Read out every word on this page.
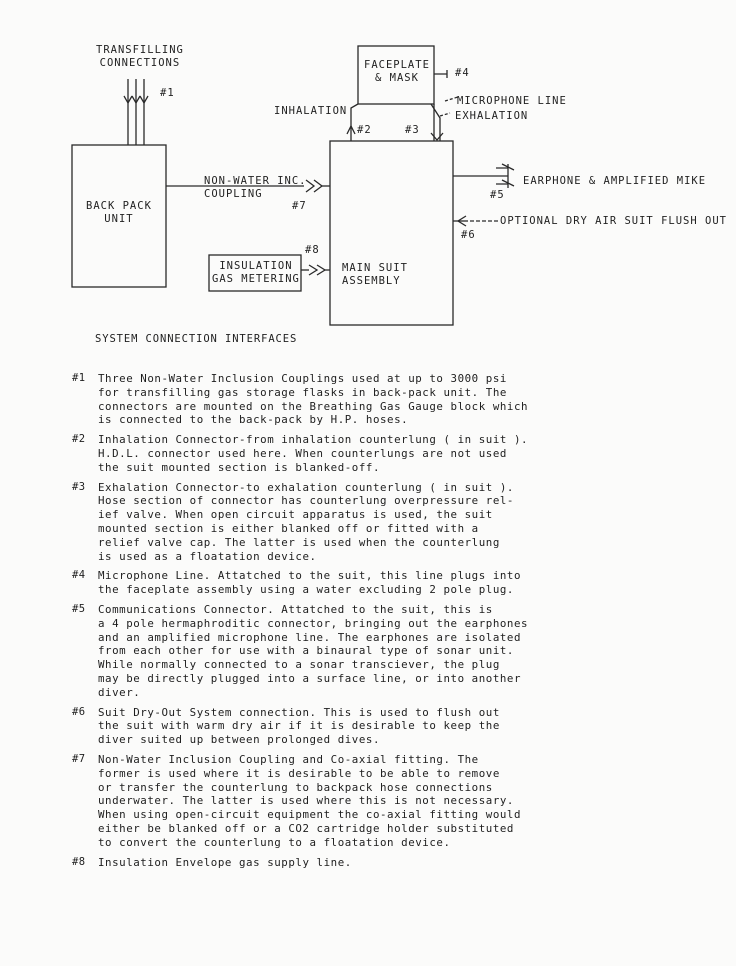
TRANSFILLING
CONNECTIONS
#1
FACEPLATE
& MASK	#4
INHALATION
MICROPHONE LINE
EXHALATION
#2	#3
BACK PACK
UNIT
NON-WATER INC.
COUPLING
#7
EARPHONE & AMPLIFIED MIKE
#5
OPTIONAL DRY AIR SUIT FLUSH OUT
#6
#8
INSULATION
GAS METERING
MAIN SUIT
ASSEMBLY
SYSTEM CONNECTION INTERFACES
#1	Three Non-Water Inclusion Couplings used at up to 3000 psi
for transfilling gas storage flasks in back-pack unit. The
connectors are mounted on the Breathing Gas Gauge block which
is connected to the back-pack by H.P. hoses.
#2	Inhalation Connector-from inhalation counterlung ( in suit ).
H.D.L. connector used here. When counterlungs are not used
the suit mounted section is blanked-off.
#3	Exhalation Connector-to exhalation counterlung ( in suit ).
Hose section of connector has counterlung overpressure rel-
ief valve. When open circuit apparatus is used, the suit
mounted section is either blanked off or fitted with a
relief valve cap. The latter is used when the counterlung
is used as a floatation device.
#4	Microphone Line. Attatched to the suit, this line plugs into
the faceplate assembly using a water excluding 2 pole plug.
#5	Communications Connector. Attatched to the suit, this is
a 4 pole hermaphroditic connector, bringing out the earphones
and an amplified microphone line. The earphones are isolated
from each other for use with a binaural type of sonar unit.
While normally connected to a sonar transciever, the plug
may be directly plugged into a surface line, or into another
diver.
#6	Suit Dry-Out System connection. This is used to flush out
the suit with warm dry air if it is desirable to keep the
diver suited up between prolonged dives.
#7	Non-Water Inclusion Coupling and Co-axial fitting. The
former is used where it is desirable to be able to remove
or transfer the counterlung to backpack hose connections
underwater. The latter is used where this is not necessary.
When using open-circuit equipment the co-axial fitting would
either be blanked off or a CO2 cartridge holder substituted
to convert the counterlung to a floatation device.
#8	Insulation Envelope gas supply line.
